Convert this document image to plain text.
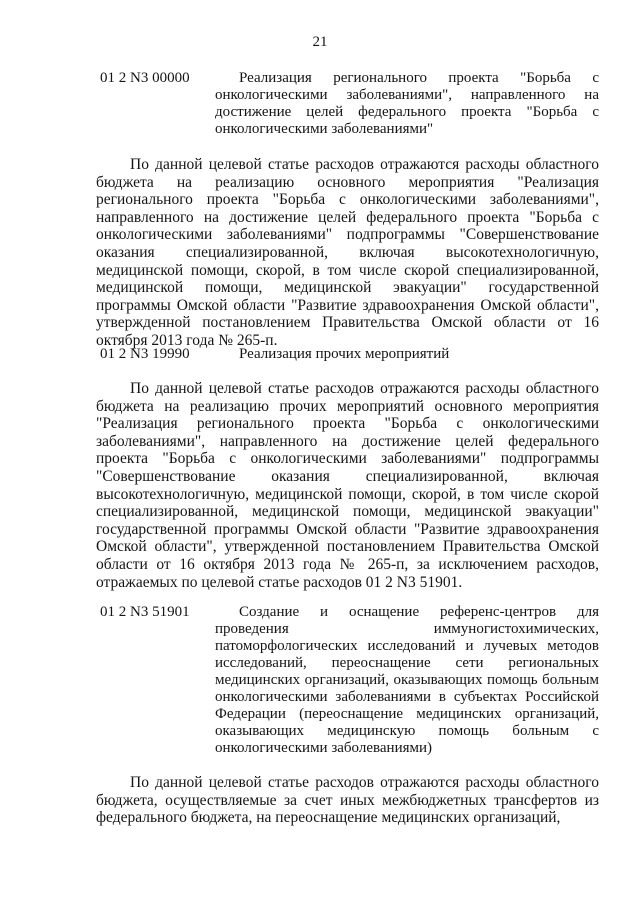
21
01 2 N3 00000	Реализация регионального проекта "Борьба с онкологическими заболеваниями", направленного на достижение целей федерального проекта "Борьба с онкологическими заболеваниями"
По данной целевой статье расходов отражаются расходы областного бюджета на реализацию основного мероприятия "Реализация регионального проекта "Борьба с онкологическими заболеваниями", направленного на достижение целей федерального проекта "Борьба с онкологическими заболеваниями" подпрограммы "Совершенствование оказания специализированной, включая высокотехнологичную, медицинской помощи, скорой, в том числе скорой специализированной, медицинской помощи, медицинской эвакуации" государственной программы Омской области "Развитие здравоохранения Омской области", утвержденной постановлением Правительства Омской области от 16 октября 2013 года № 265-п.
01 2 N3 19990	Реализация прочих мероприятий
По данной целевой статье расходов отражаются расходы областного бюджета на реализацию прочих мероприятий основного мероприятия "Реализация регионального проекта "Борьба с онкологическими заболеваниями", направленного на достижение целей федерального проекта "Борьба с онкологическими заболеваниями" подпрограммы "Совершенствование оказания специализированной, включая высокотехнологичную, медицинской помощи, скорой, в том числе скорой специализированной, медицинской помощи, медицинской эвакуации" государственной программы Омской области "Развитие здравоохранения Омской области", утвержденной постановлением Правительства Омской области от 16 октября 2013 года № 265-п, за исключением расходов, отражаемых по целевой статье расходов 01 2 N3 51901.
01 2 N3 51901	Создание и оснащение референс-центров для проведения иммуногистохимических, патоморфологических исследований и лучевых методов исследований, переоснащение сети региональных медицинских организаций, оказывающих помощь больным онкологическими заболеваниями в субъектах Российской Федерации (переоснащение медицинских организаций, оказывающих медицинскую помощь больным с онкологическими заболеваниями)
По данной целевой статье расходов отражаются расходы областного бюджета, осуществляемые за счет иных межбюджетных трансфертов из федерального бюджета, на переоснащение медицинских организаций,
